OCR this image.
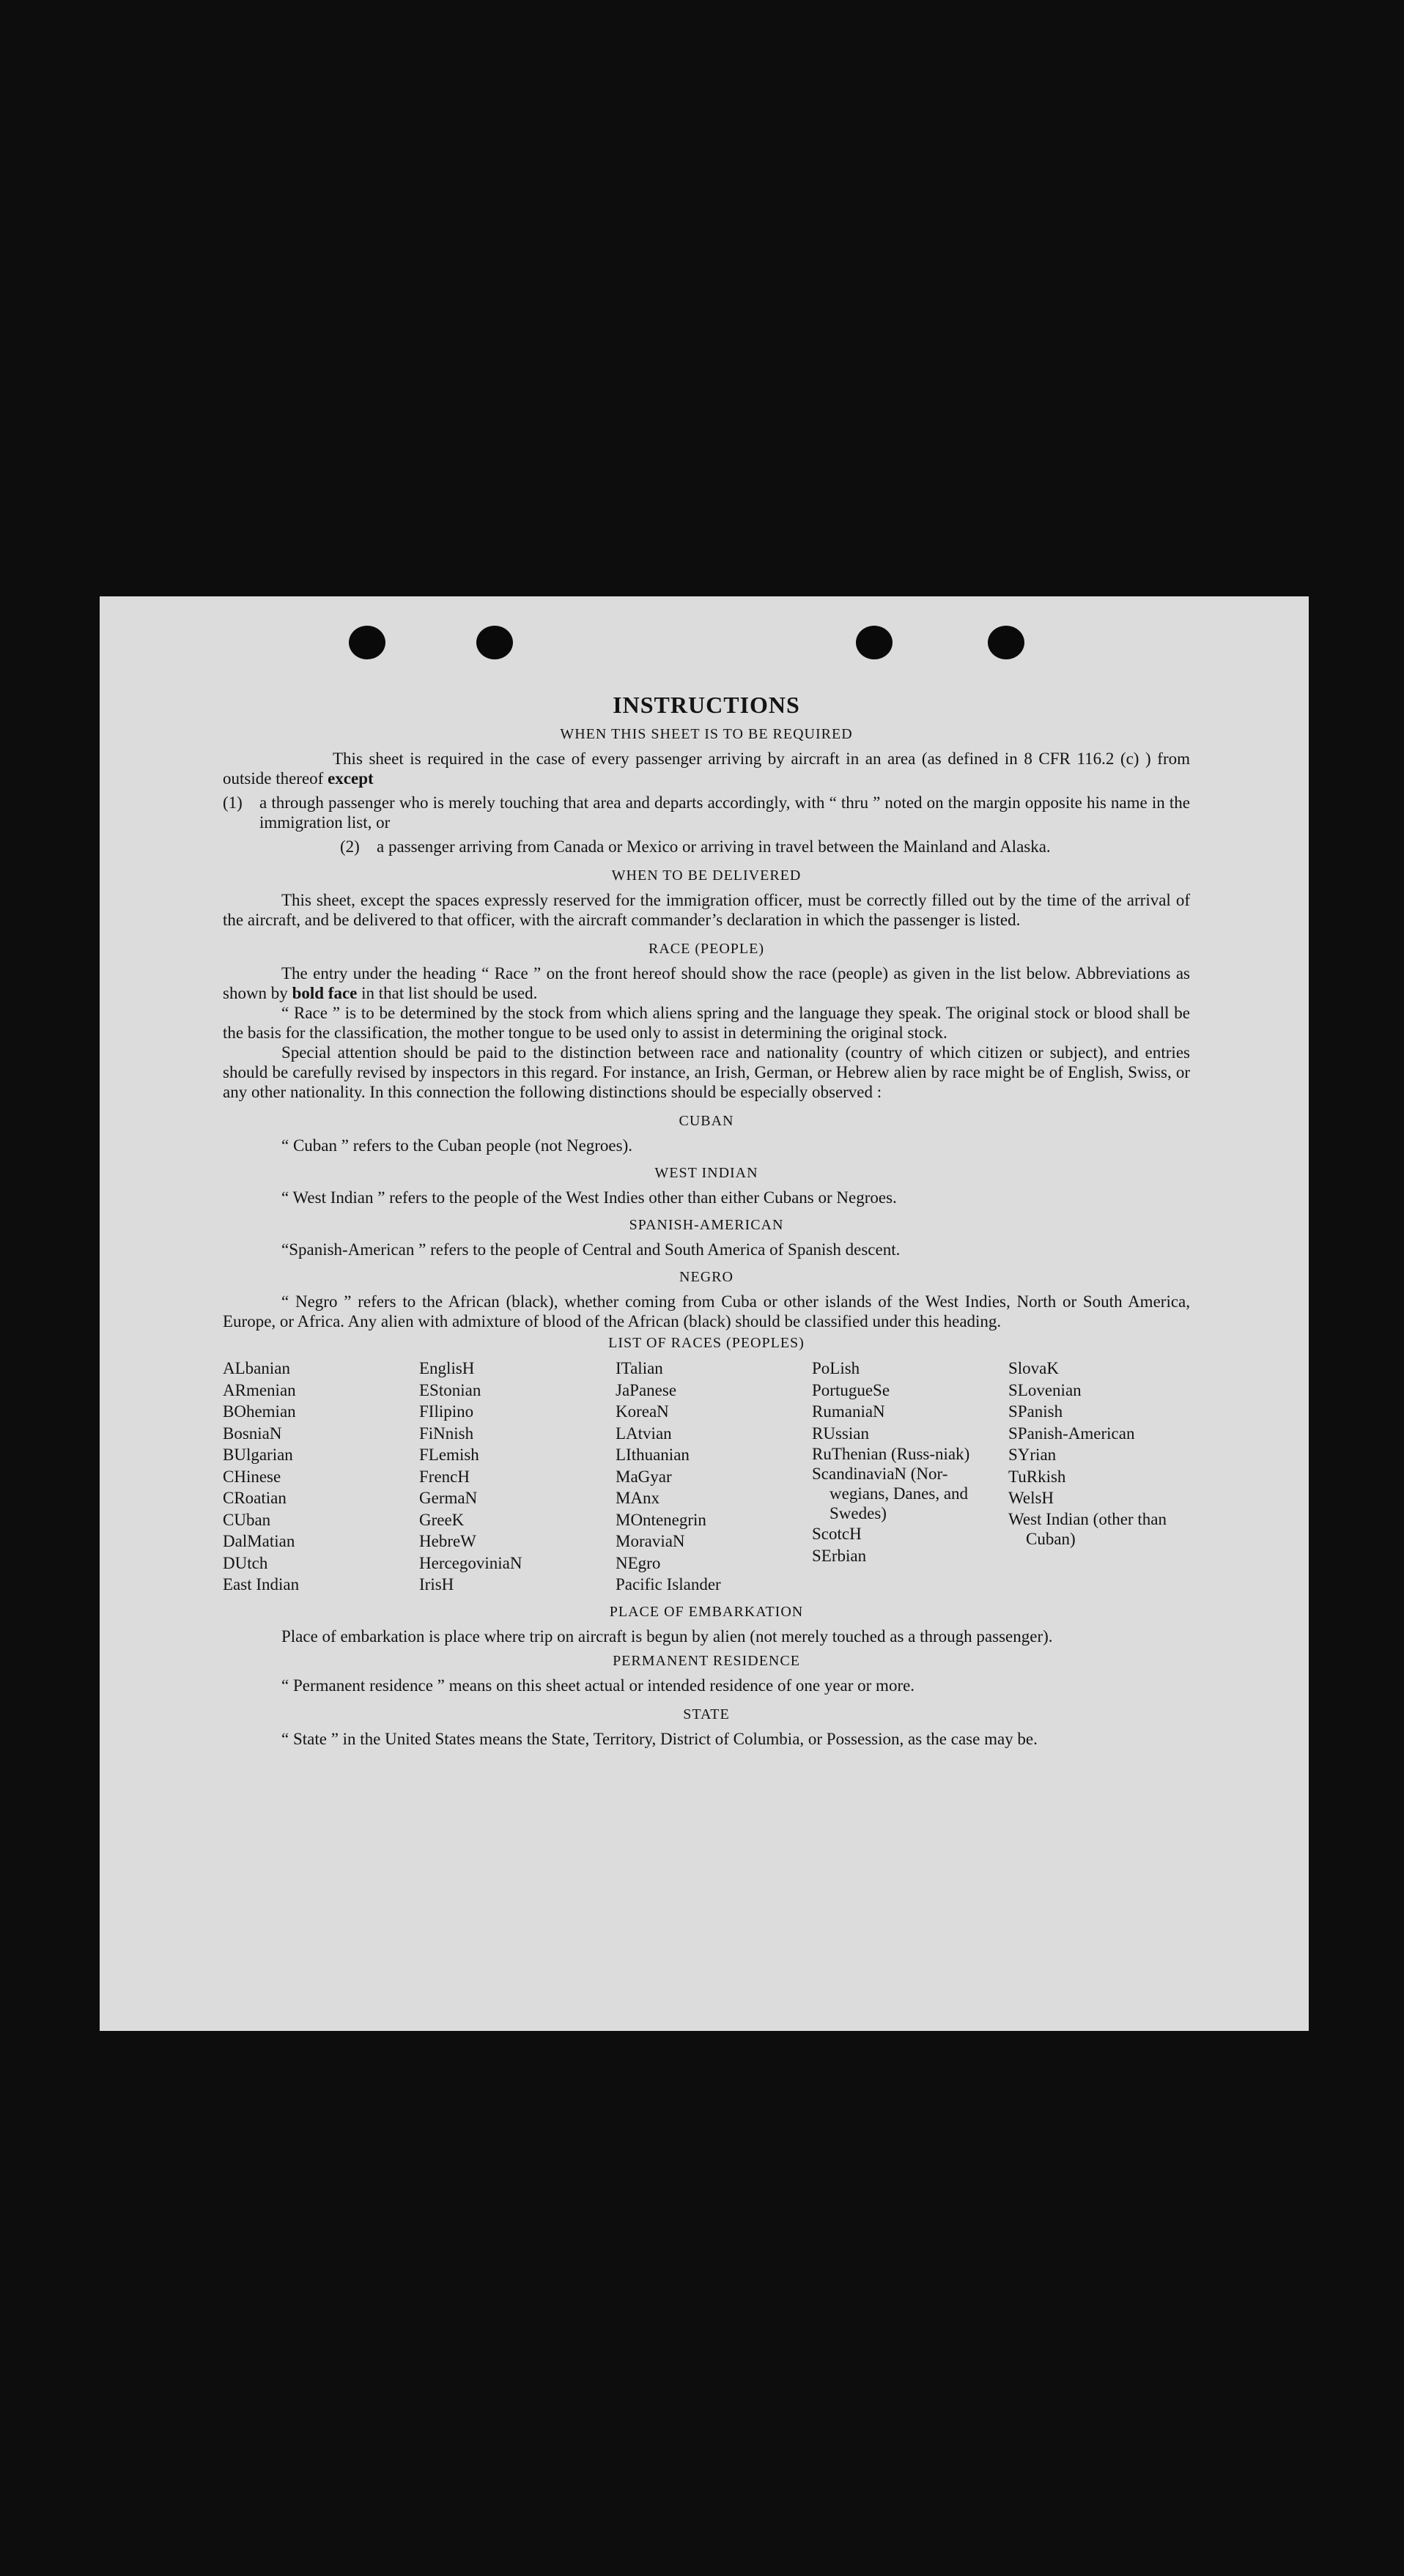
INSTRUCTIONS
WHEN THIS SHEET IS TO BE REQUIRED

This sheet is required in the case of every passenger arriving by aircraft in an area (as defined in 8 CFR 116.2 (c) ) from outside thereof except

(1)	a through passenger who is merely touching that area and departs accordingly, with “ thru ” noted on the margin opposite his name in the immigration list, or
(2)	a passenger arriving from Canada or Mexico or arriving in travel between the Mainland and Alaska.
WHEN TO BE DELIVERED

This sheet, except the spaces expressly reserved for the immigration officer, must be correctly filled out by the time of the arrival of the aircraft, and be delivered to that officer, with the aircraft commander’s declaration in which the passenger is listed.

RACE (PEOPLE)

The entry under the heading “ Race ” on the front hereof should show the race (people) as given in the list below. Abbreviations as shown by bold face in that list should be used.

“ Race ” is to be determined by the stock from which aliens spring and the language they speak. The original stock or blood shall be the basis for the classification, the mother tongue to be used only to assist in determining the original stock.

Special attention should be paid to the distinction between race and nationality (country of which citizen or subject), and entries should be carefully revised by inspectors in this regard. For instance, an Irish, German, or Hebrew alien by race might be of English, Swiss, or any other nationality. In this connection the following distinctions should be especially observed :

CUBAN

“ Cuban ” refers to the Cuban people (not Negroes).

WEST INDIAN

“ West Indian ” refers to the people of the West Indies other than either Cubans or Negroes.

SPANISH-AMERICAN

“Spanish-American ” refers to the people of Central and South America of Spanish descent.

NEGRO

“ Negro ” refers to the African (black), whether coming from Cuba or other islands of the West Indies, North or South America, Europe, or Africa. Any alien with admixture of blood of the African (black) should be classified under this heading.

LIST OF RACES (PEOPLES)
ALbanian
ARmenian
BOhemian
BosniaN
BUlgarian
CHinese
CRoatian
CUban
DalMatian
DUtch
East Indian
EnglisH
EStonian
FIlipino
FiNnish
FLemish
FrencH
GermaN
GreeK
HebreW
HercegoviniaN
IrisH
ITalian
JaPanese
KoreaN
LAtvian
LIthuanian
MaGyar
MAnx
MOntenegrin
MoraviaN
NEgro
Pacific Islander
PoLish
PortugueSe
RumaniaN
RUssian
RuThenian (Russ-niak)
ScandinaviaN (Nor-wegians, Danes, and Swedes)
ScotcH
SErbian
SlovaK
SLovenian
SPanish
SPanish-American
SYrian
TuRkish
WelsH
West Indian (other than Cuban)
PLACE OF EMBARKATION

Place of embarkation is place where trip on aircraft is begun by alien (not merely touched as a through passenger).

PERMANENT RESIDENCE

“ Permanent residence ” means on this sheet actual or intended residence of one year or more.

STATE

“ State ” in the United States means the State, Territory, District of Columbia, or Possession, as the case may be.
